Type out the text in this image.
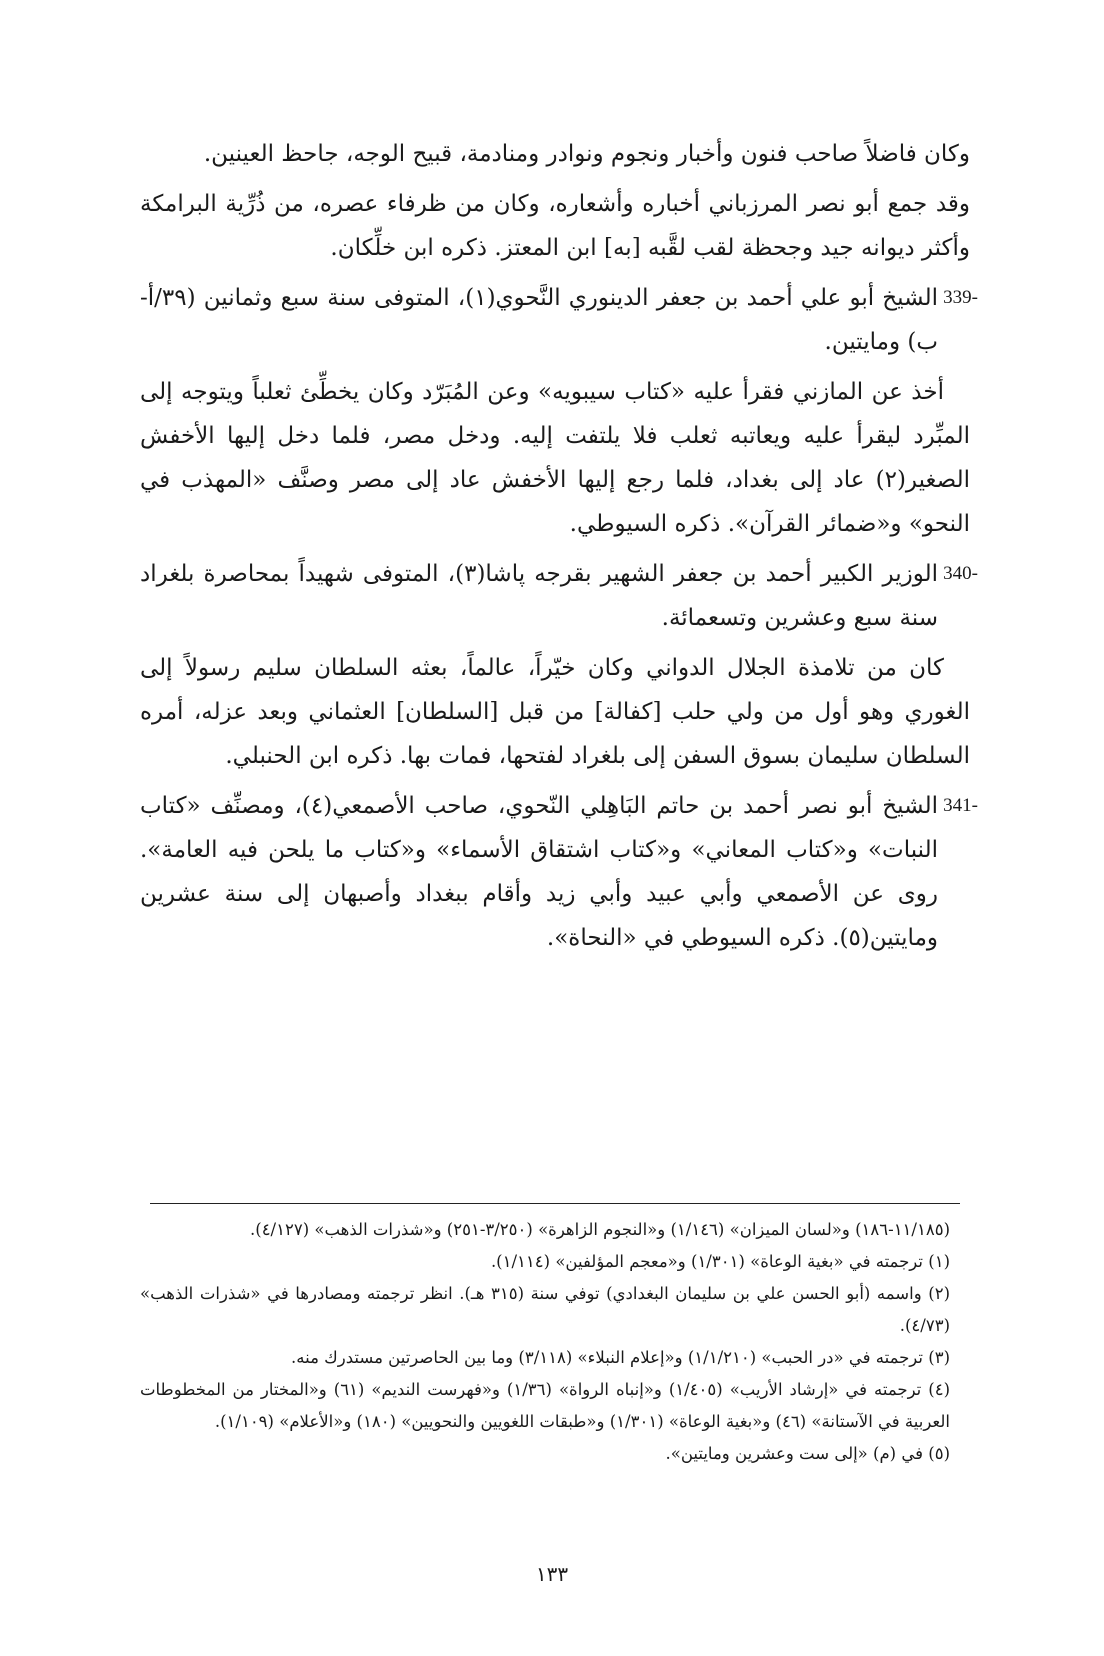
وكان فاضلاً صاحب فنون وأخبار ونجوم ونوادر ومنادمة، قبيح الوجه، جاحظ العينين.

وقد جمع أبو نصر المرزباني أخباره وأشعاره، وكان من ظرفاء عصره، من ذُرِّية البرامكة وأكثر ديوانه جيد وجحظة لقب لقَّبه [به] ابن المعتز. ذكره ابن خلِّكان.

339-
الشيخ أبو علي أحمد بن جعفر الدينوري النَّحوي(١)، المتوفى سنة سبع وثمانين (٣٩/أ- ب) ومايتين.

أخذ عن المازني فقرأ عليه «كتاب سيبويه» وعن المُبَرّد وكان يخطِّئ ثعلباً ويتوجه إلى المبِّرد ليقرأ عليه ويعاتبه ثعلب فلا يلتفت إليه. ودخل مصر، فلما دخل إليها الأخفش الصغير(٢) عاد إلى بغداد، فلما رجع إليها الأخفش عاد إلى مصر وصنَّف «المهذب في النحو» و«ضمائر القرآن». ذكره السيوطي.

340-
الوزير الكبير أحمد بن جعفر الشهير بقرجه پاشا(٣)، المتوفى شهيداً بمحاصرة بلغراد سنة سبع وعشرين وتسعمائة.

كان من تلامذة الجلال الدواني وكان خيّراً، عالماً، بعثه السلطان سليم رسولاً إلى الغوري وهو أول من ولي حلب [كفالة] من قبل [السلطان] العثماني وبعد عزله، أمره السلطان سليمان بسوق السفن إلى بلغراد لفتحها، فمات بها. ذكره ابن الحنبلي.

341-
الشيخ أبو نصر أحمد بن حاتم البَاهِلي النّحوي، صاحب الأصمعي(٤)، ومصنِّف «كتاب النبات» و«كتاب المعاني» و«كتاب اشتقاق الأسماء» و«كتاب ما يلحن فيه العامة». روى عن الأصمعي وأبي عبيد وأبي زيد وأقام ببغداد وأصبهان إلى سنة عشرين ومايتين(٥). ذكره السيوطي في «النحاة».

(١١/١٨٥-١٨٦) و«لسان الميزان» (١/١٤٦) و«النجوم الزاهرة» (٣/٢٥٠-٢٥١) و«شذرات الذهب» (٤/١٢٧).

(١) ترجمته في «بغية الوعاة» (١/٣٠١) و«معجم المؤلفين» (١/١١٤).

(٢) واسمه (أبو الحسن علي بن سليمان البغدادي) توفي سنة (٣١٥ هـ). انظر ترجمته ومصادرها في «شذرات الذهب» (٤/٧٣).

(٣) ترجمته في «در الحبب» (١/١/٢١٠) و«إعلام النبلاء» (٣/١١٨) وما بين الحاصرتين مستدرك منه.

(٤) ترجمته في «إرشاد الأريب» (١/٤٠٥) و«إنباه الرواة» (١/٣٦) و«فهرست النديم» (٦١) و«المختار من المخطوطات العربية في الآستانة» (٤٦) و«بغية الوعاة» (١/٣٠١) و«طبقات اللغويين والنحويين» (١٨٠) و«الأعلام» (١/١٠٩).

(٥) في (م) «إلى ست وعشرين ومايتين».

١٣٣
